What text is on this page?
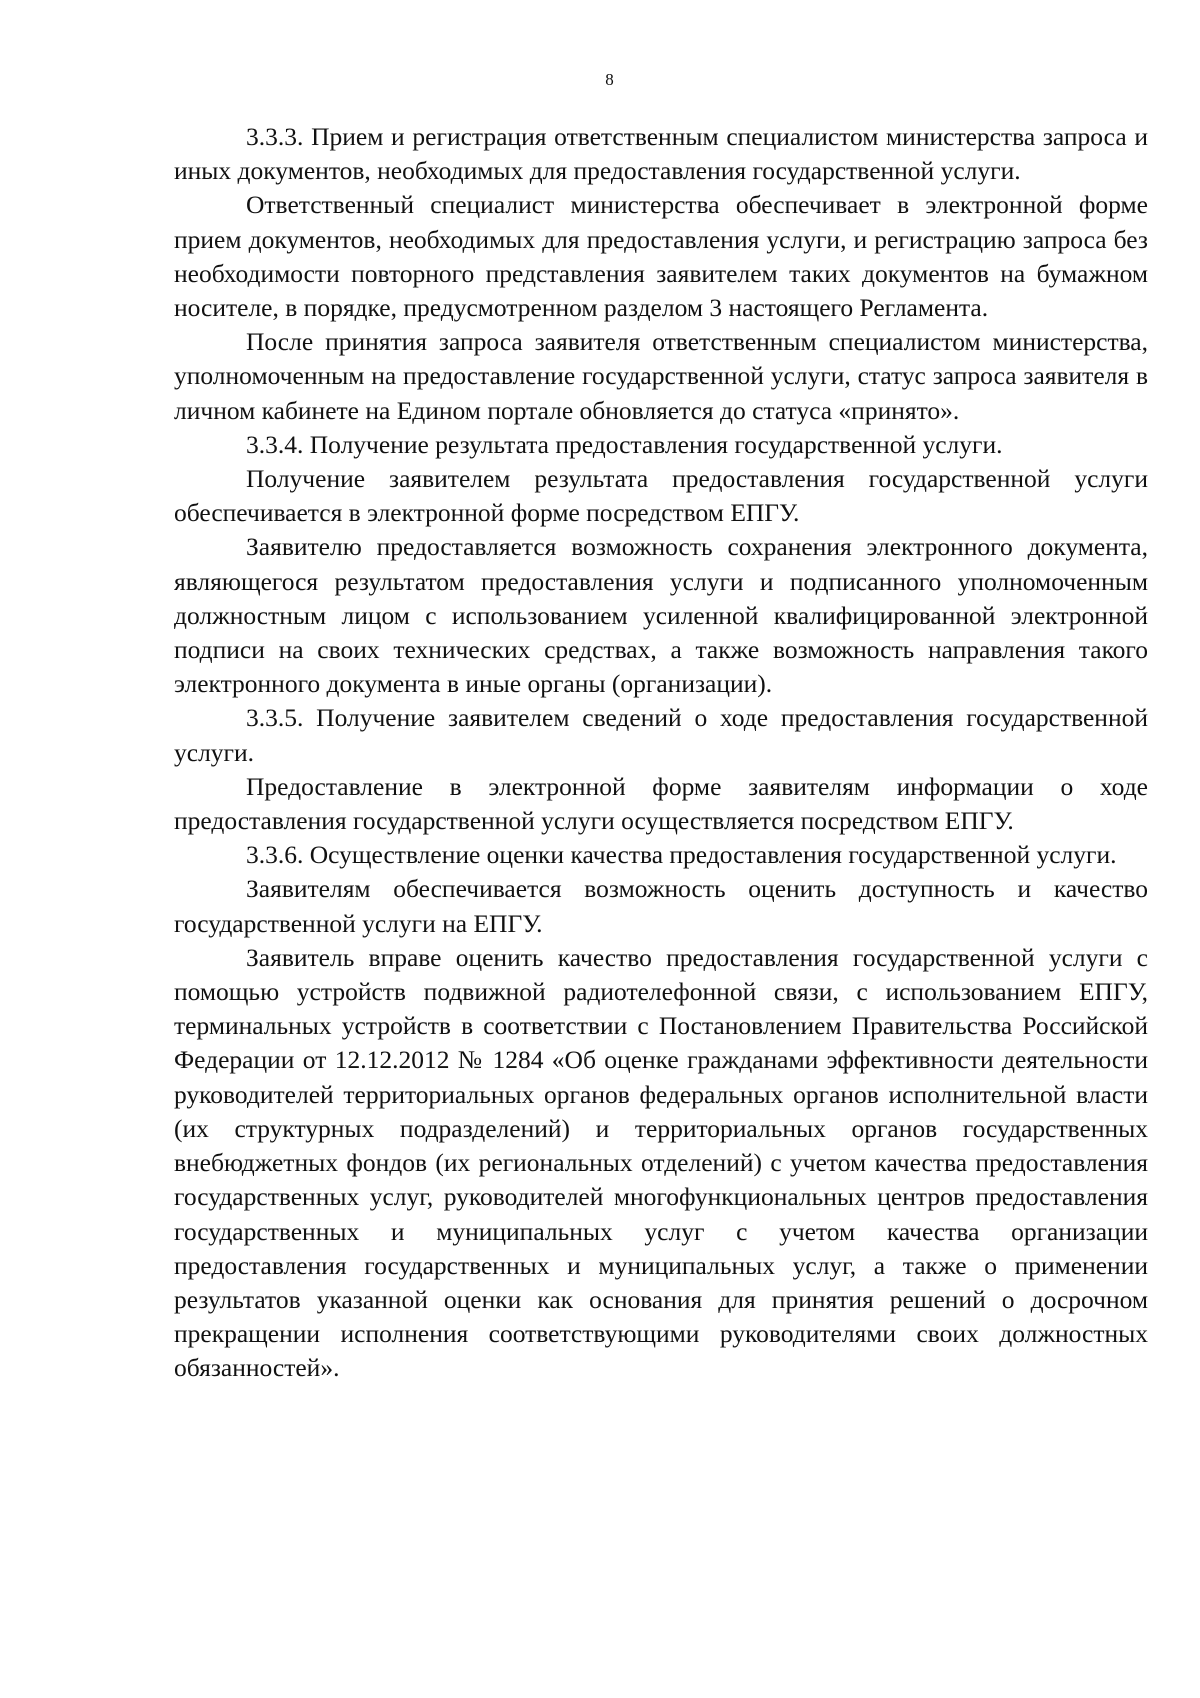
8

3.3.3. Прием и регистрация ответственным специалистом министерства запроса и иных документов, необходимых для предоставления государственной услуги.

Ответственный специалист министерства обеспечивает в электронной форме прием документов, необходимых для предоставления услуги, и регистрацию запроса без необходимости повторного представления заявителем таких документов на бумажном носителе, в порядке, предусмотренном разделом 3 настоящего Регламента.

После принятия запроса заявителя ответственным специалистом министерства, уполномоченным на предоставление государственной услуги, статус запроса заявителя в личном кабинете на Едином портале обновляется до статуса «принято».

3.3.4. Получение результата предоставления государственной услуги.

Получение заявителем результата предоставления государственной услуги обеспечивается в электронной форме посредством ЕПГУ.

Заявителю предоставляется возможность сохранения электронного документа, являющегося результатом предоставления услуги и подписанного уполномоченным должностным лицом с использованием усиленной квалифицированной электронной подписи на своих технических средствах, а также возможность направления такого электронного документа в иные органы (организации).

3.3.5. Получение заявителем сведений о ходе предоставления государственной услуги.

Предоставление в электронной форме заявителям информации о ходе предоставления государственной услуги осуществляется посредством ЕПГУ.

3.3.6. Осуществление оценки качества предоставления государственной услуги.

Заявителям обеспечивается возможность оценить доступность и качество государственной услуги на ЕПГУ.

Заявитель вправе оценить качество предоставления государственной услуги с помощью устройств подвижной радиотелефонной связи, с использованием ЕПГУ, терминальных устройств в соответствии с Постановлением Правительства Российской Федерации от 12.12.2012 № 1284 «Об оценке гражданами эффективности деятельности руководителей территориальных органов федеральных органов исполнительной власти (их структурных подразделений) и территориальных органов государственных внебюджетных фондов (их региональных отделений) с учетом качества предоставления государственных услуг, руководителей многофункциональных центров предоставления государственных и муниципальных услуг с учетом качества организации предоставления государственных и муниципальных услуг, а также о применении результатов указанной оценки как основания для принятия решений о досрочном прекращении исполнения соответствующими руководителями своих должностных обязанностей».
